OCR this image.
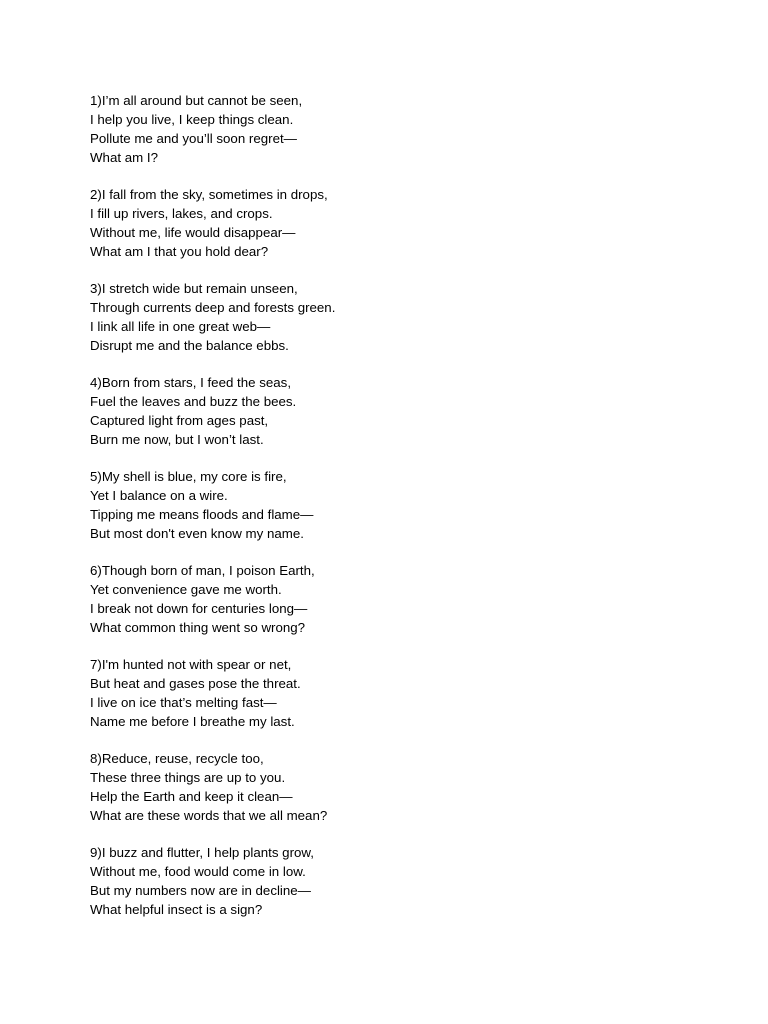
1)I’m all around but cannot be seen,
I help you live, I keep things clean.
Pollute me and you’ll soon regret—
What am I?
2)I fall from the sky, sometimes in drops,
I fill up rivers, lakes, and crops.
Without me, life would disappear—
What am I that you hold dear?
3)I stretch wide but remain unseen,
Through currents deep and forests green.
I link all life in one great web—
Disrupt me and the balance ebbs.
4)Born from stars, I feed the seas,
Fuel the leaves and buzz the bees.
Captured light from ages past,
Burn me now, but I won’t last.
5)My shell is blue, my core is fire,
Yet I balance on a wire.
Tipping me means floods and flame—
But most don't even know my name.
6)Though born of man, I poison Earth,
Yet convenience gave me worth.
I break not down for centuries long—
What common thing went so wrong?
7)I'm hunted not with spear or net,
But heat and gases pose the threat.
I live on ice that’s melting fast—
Name me before I breathe my last.
8)Reduce, reuse, recycle too,
These three things are up to you.
Help the Earth and keep it clean—
What are these words that we all mean?
9)I buzz and flutter, I help plants grow,
Without me, food would come in low.
But my numbers now are in decline—
What helpful insect is a sign?
